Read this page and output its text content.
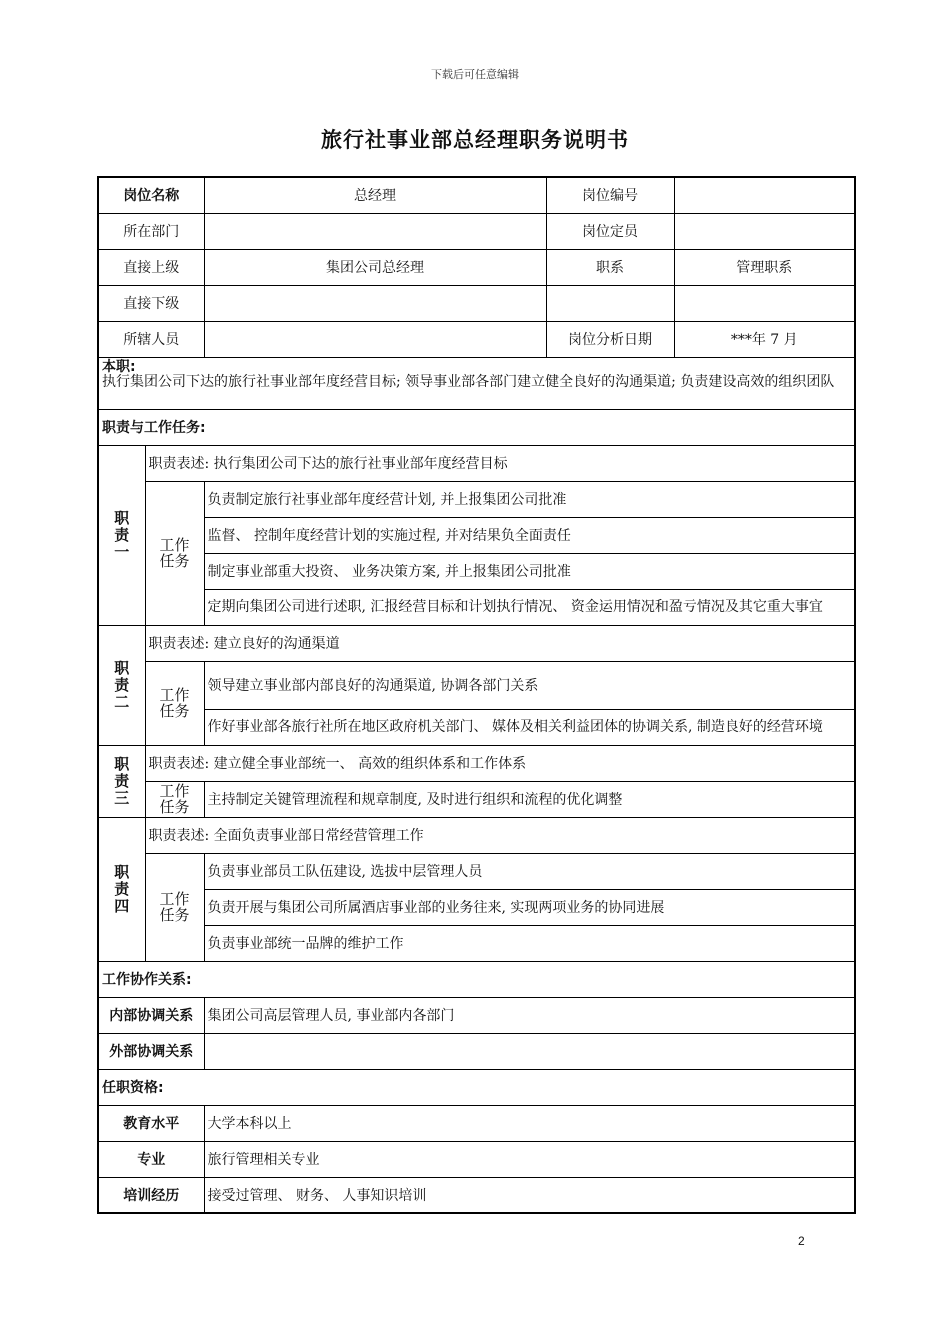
下载后可任意编辑
旅行社事业部总经理职务说明书
岗位名称		总经理	岗位编号	
所在部门			岗位定员	
直接上级		集团公司总经理	职系	管理职系
直接下级				
所辖人员			岗位分析日期	***年 7 月

本职:
执行集团公司下达的旅行社事业部年度经营目标; 领导事业部各部门建立健全良好的沟通渠道; 负责建设高效的组织团队				

职责与工作任务:				

职
责
一	职责表述: 执行集团公司下达的旅行社事业部年度经营目标			

	工作
任务	负责制定旅行社事业部年度经营计划, 并上报集团公司批准		
		监督、 控制年度经营计划的实施过程, 并对结果负全面责任		
		制定事业部重大投资、 业务决策方案, 并上报集团公司批准		
		定期向集团公司进行述职, 汇报经营目标和计划执行情况、 资金运用情况和盈亏情况及其它重大事宜		

职
责
二	职责表述: 建立良好的沟通渠道			

	工作
任务	领导建立事业部内部良好的沟通渠道, 协调各部门关系		
		作好事业部各旅行社所在地区政府机关部门、 媒体及相关利益团体的协调关系, 制造良好的经营环境		

职
责
三	职责表述: 建立健全事业部统一、 高效的组织体系和工作体系			

	工作
任务	主持制定关键管理流程和规章制度, 及时进行组织和流程的优化调整		

职
责
四	职责表述: 全面负责事业部日常经营管理工作			

	工作
任务	负责事业部员工队伍建设, 选拔中层管理人员		
		负责开展与集团公司所属酒店事业部的业务往来, 实现两项业务的协同进展		
		负责事业部统一品牌的维护工作		
工作协作关系:				
内部协调关系		集团公司高层管理人员, 事业部内各部门		
外部协调关系				
任职资格:				
教育水平		大学本科以上		
专业		旅行管理相关专业		
培训经历		接受过管理、 财务、 人事知识培训		
2
